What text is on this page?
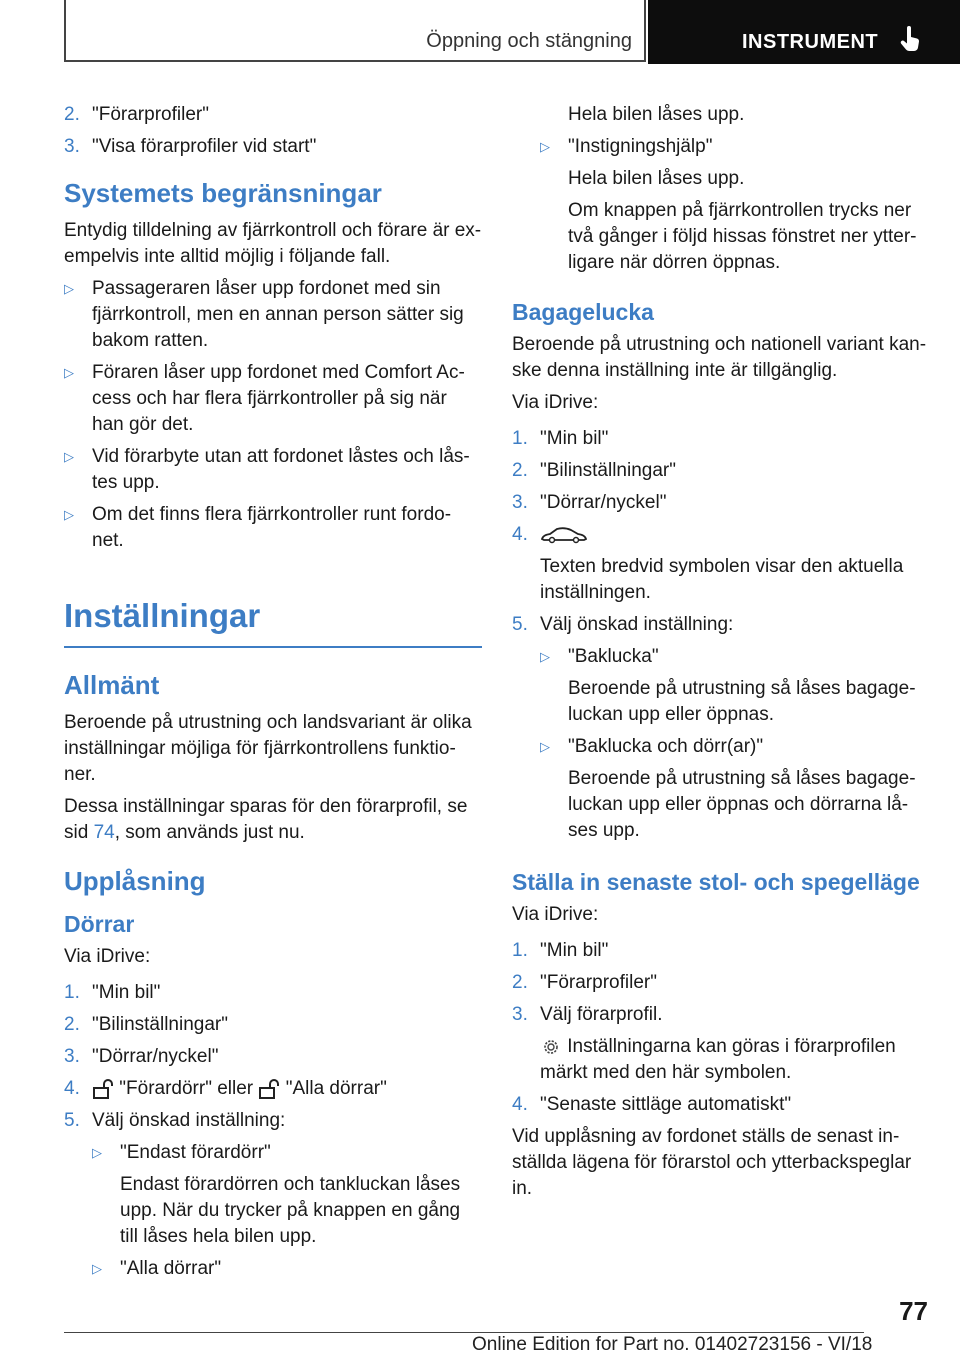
Öppning och stängning	INSTRUMENT
2. "Förarprofiler"
3. "Visa förarprofiler vid start"
Systemets begränsningar

Entydig tilldelning av fjärrkontroll och förare är ex- empelvis inte alltid möjlig i följande fall.

▷ Passageraren låser upp fordonet med sin fjärrkontroll, men en annan person sätter sig bakom ratten.
▷ Föraren låser upp fordonet med Comfort Ac- cess och har flera fjärrkontroller på sig när han gör det.
▷ Vid förarbyte utan att fordonet låstes och lås- tes upp.
▷ Om det finns flera fjärrkontroller runt fordo- net.
Inställningar
Allmänt

Beroende på utrustning och landsvariant är olika inställningar möjliga för fjärrkontrollens funktio- ner.

Dessa inställningar sparas för den förarprofil, se sid 74, som används just nu.

Upplåsning
Dörrar

Via iDrive:

1. "Min bil"
2. "Bilinställningar"
3. "Dörrar/nyckel"
4.	"Förardörr" eller "Alla dörrar"
5. Välj önskad inställning:
▷ "Endast förardörr"

Endast förardörren och tankluckan låses upp. När du trycker på knappen en gång till låses hela bilen upp.

▷ "Alla dörrar"

Hela bilen låses upp.

▷ "Instigningshjälp"

Hela bilen låses upp.

Om knappen på fjärrkontrollen trycks ner två gånger i följd hissas fönstret ner ytter- ligare när dörren öppnas.

Bagagelucka

Beroende på utrustning och nationell variant kan- ske denna inställning inte är tillgänglig.

Via iDrive:

1. "Min bil"
2. "Bilinställningar"
3. "Dörrar/nyckel"
4.

Texten bredvid symbolen visar den aktuella inställningen.

5. Välj önskad inställning:
▷ "Baklucka"

Beroende på utrustning så låses bagage- luckan upp eller öppnas.

▷ "Baklucka och dörr(ar)"

Beroende på utrustning så låses bagage- luckan upp eller öppnas och dörrarna lå- ses upp.

Ställa in senaste stol- och spegelläge

Via iDrive:

1. "Min bil"
2. "Förarprofiler"
3. Välj förarprofil.

Inställningarna kan göras i förarprofilen märkt med den här symbolen.

4. "Senaste sittläge automatiskt"

Vid upplåsning av fordonet ställs de senast in- ställda lägena för förarstol och ytterbackspeglar in.

77
Online Edition for Part no. 01402723156 - VI/18
